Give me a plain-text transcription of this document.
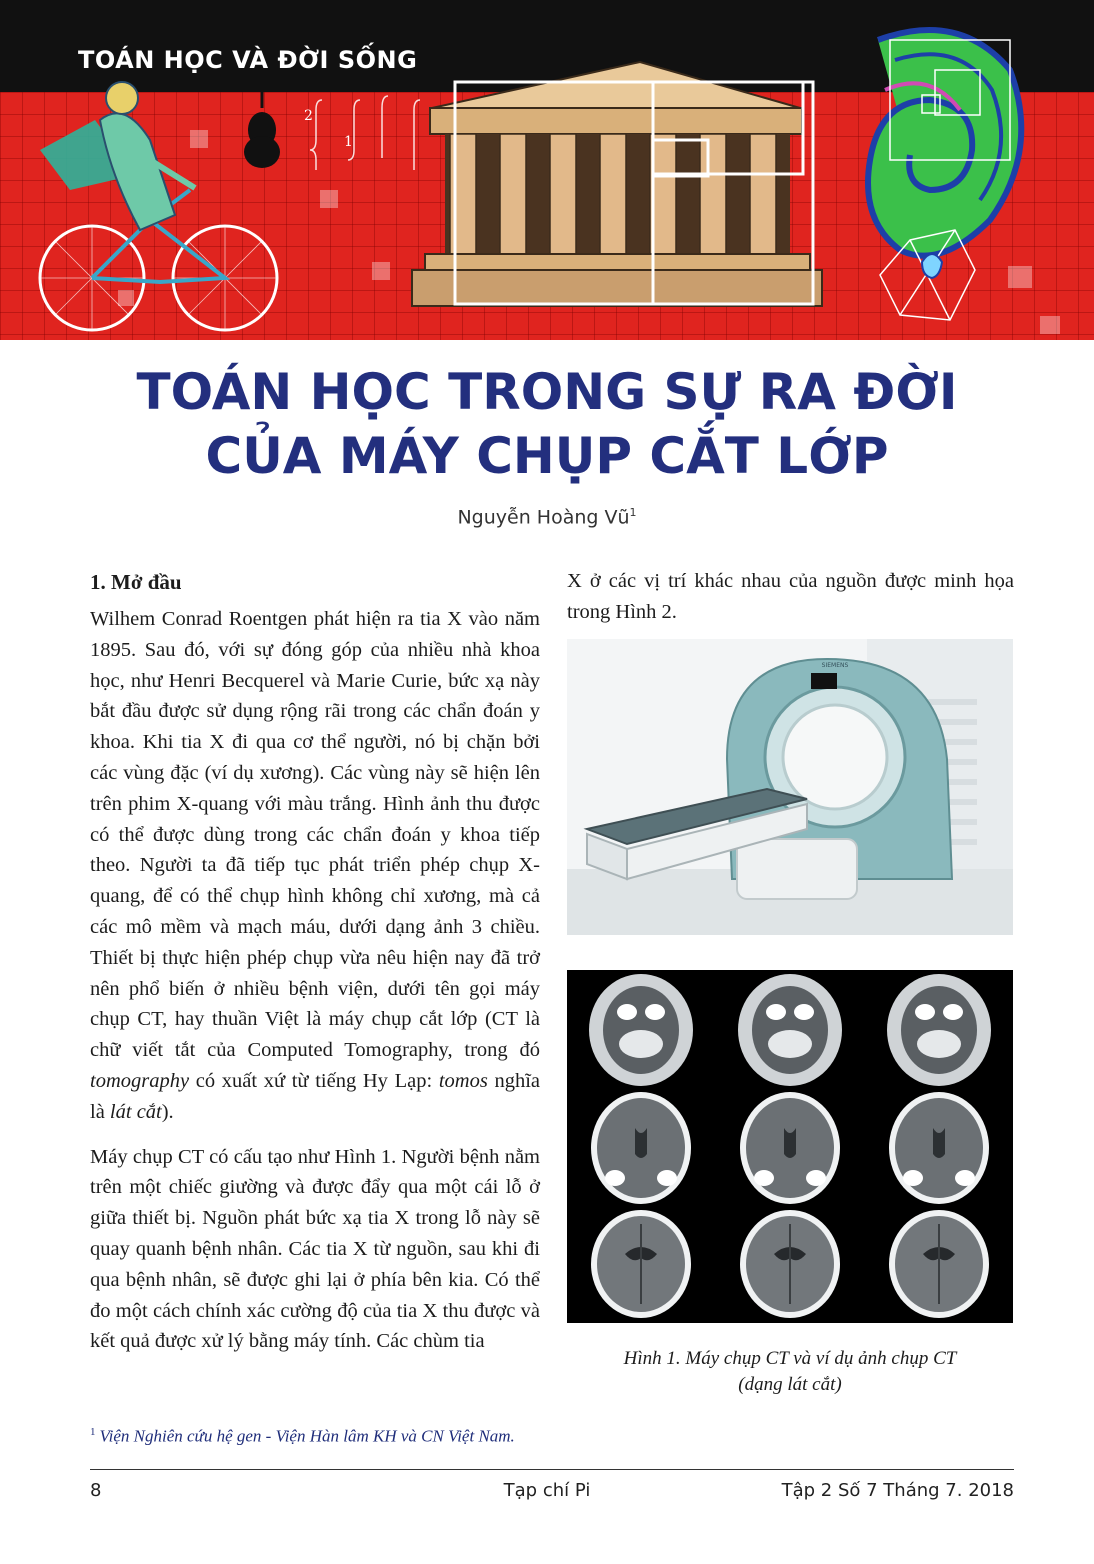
2
1
TOÁN HỌC VÀ ĐỜI SỐNG
TOÁN HỌC TRONG SỰ RA ĐỜI
CỦA MÁY CHỤP CẮT LỚP
Nguyễn Hoàng $Vũ^1$
1. Mở đầu

Wilhem Conrad Roentgen phát hiện ra tia X vào năm 1895. Sau đó, với sự đóng góp của nhiều nhà khoa học, như Henri Becquerel và Marie Curie, bức xạ này bắt đầu được sử dụng rộng rãi trong các chẩn đoán y khoa. Khi tia X đi qua cơ thể người, nó bị chặn bởi các vùng đặc (ví dụ xương). Các vùng này sẽ hiện lên trên phim X-quang với màu trắng. Hình ảnh thu được có thể được dùng trong các chẩn đoán y khoa tiếp theo. Người ta đã tiếp tục phát triển phép chụp X- quang, để có thể chụp hình không chỉ xương, mà cả các mô mềm và mạch máu, dưới dạng ảnh 3 chiều. Thiết bị thực hiện phép chụp vừa nêu hiện nay đã trở nên phổ biến ở nhiều bệnh viện, dưới tên gọi máy chụp CT, hay thuần Việt là máy chụp cắt lớp (CT là chữ viết tắt của Computed Tomography, trong đó tomography có xuất xứ từ tiếng Hy Lạp: tomos nghĩa là lát cắt).

Máy chụp CT có cấu tạo như Hình 1. Người bệnh nằm trên một chiếc giường và được đẩy qua một cái lỗ ở giữa thiết bị. Nguồn phát bức xạ tia X trong lỗ này sẽ quay quanh bệnh nhân. Các tia X từ nguồn, sau khi đi qua bệnh nhân, sẽ được ghi lại ở phía bên kia. Có thể đo một cách chính xác cường độ của tia X thu được và kết quả được xử lý bằng máy tính. Các chùm tia

X ở các vị trí khác nhau của nguồn được minh họa trong Hình 2.

SIEMENS
Hình 1. Máy chụp CT và ví dụ ảnh chụp CT
(dạng lát cắt)
$^1$ Viện Nghiên cứu hệ gen - Viện Hàn lâm KH và CN Việt Nam.
8	Tạp chí Pi	Tập 2 Số 7 Tháng 7. 2018
